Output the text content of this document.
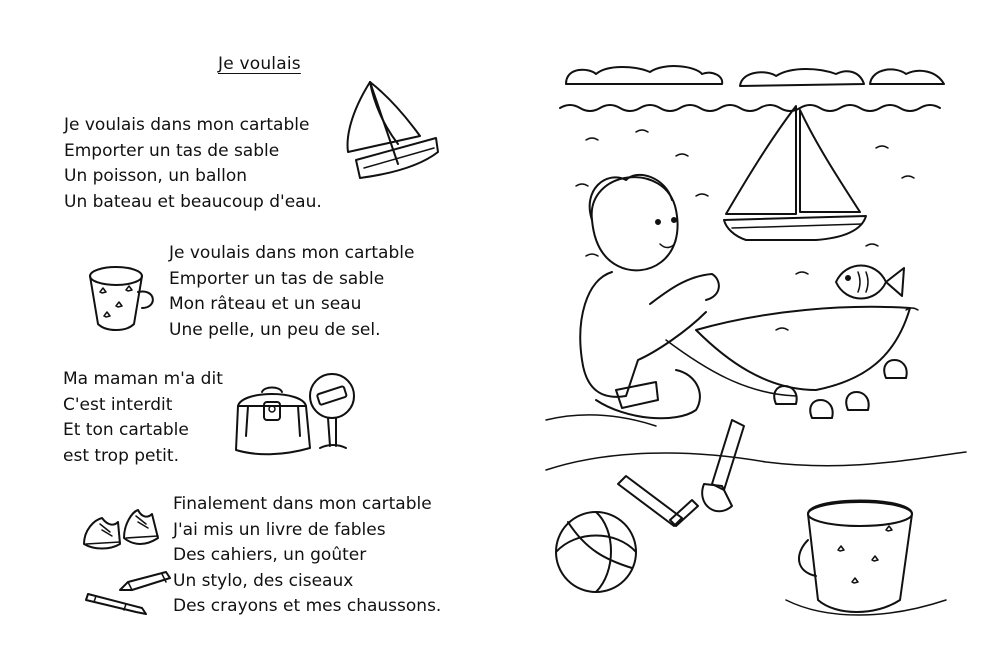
Je voulais
Je voulais dans mon cartable
Emporter un tas de sable
Un poisson, un ballon
Un bateau et beaucoup d'eau.
Je voulais dans mon cartable
Emporter un tas de sable
Mon râteau et un seau
Une pelle, un peu de sel.
Ma maman m'a dit
C'est interdit
Et ton cartable
est trop petit.
Finalement dans mon cartable
J'ai mis un livre de fables
Des cahiers, un goûter
Un stylo, des ciseaux
Des crayons et mes chaussons.
